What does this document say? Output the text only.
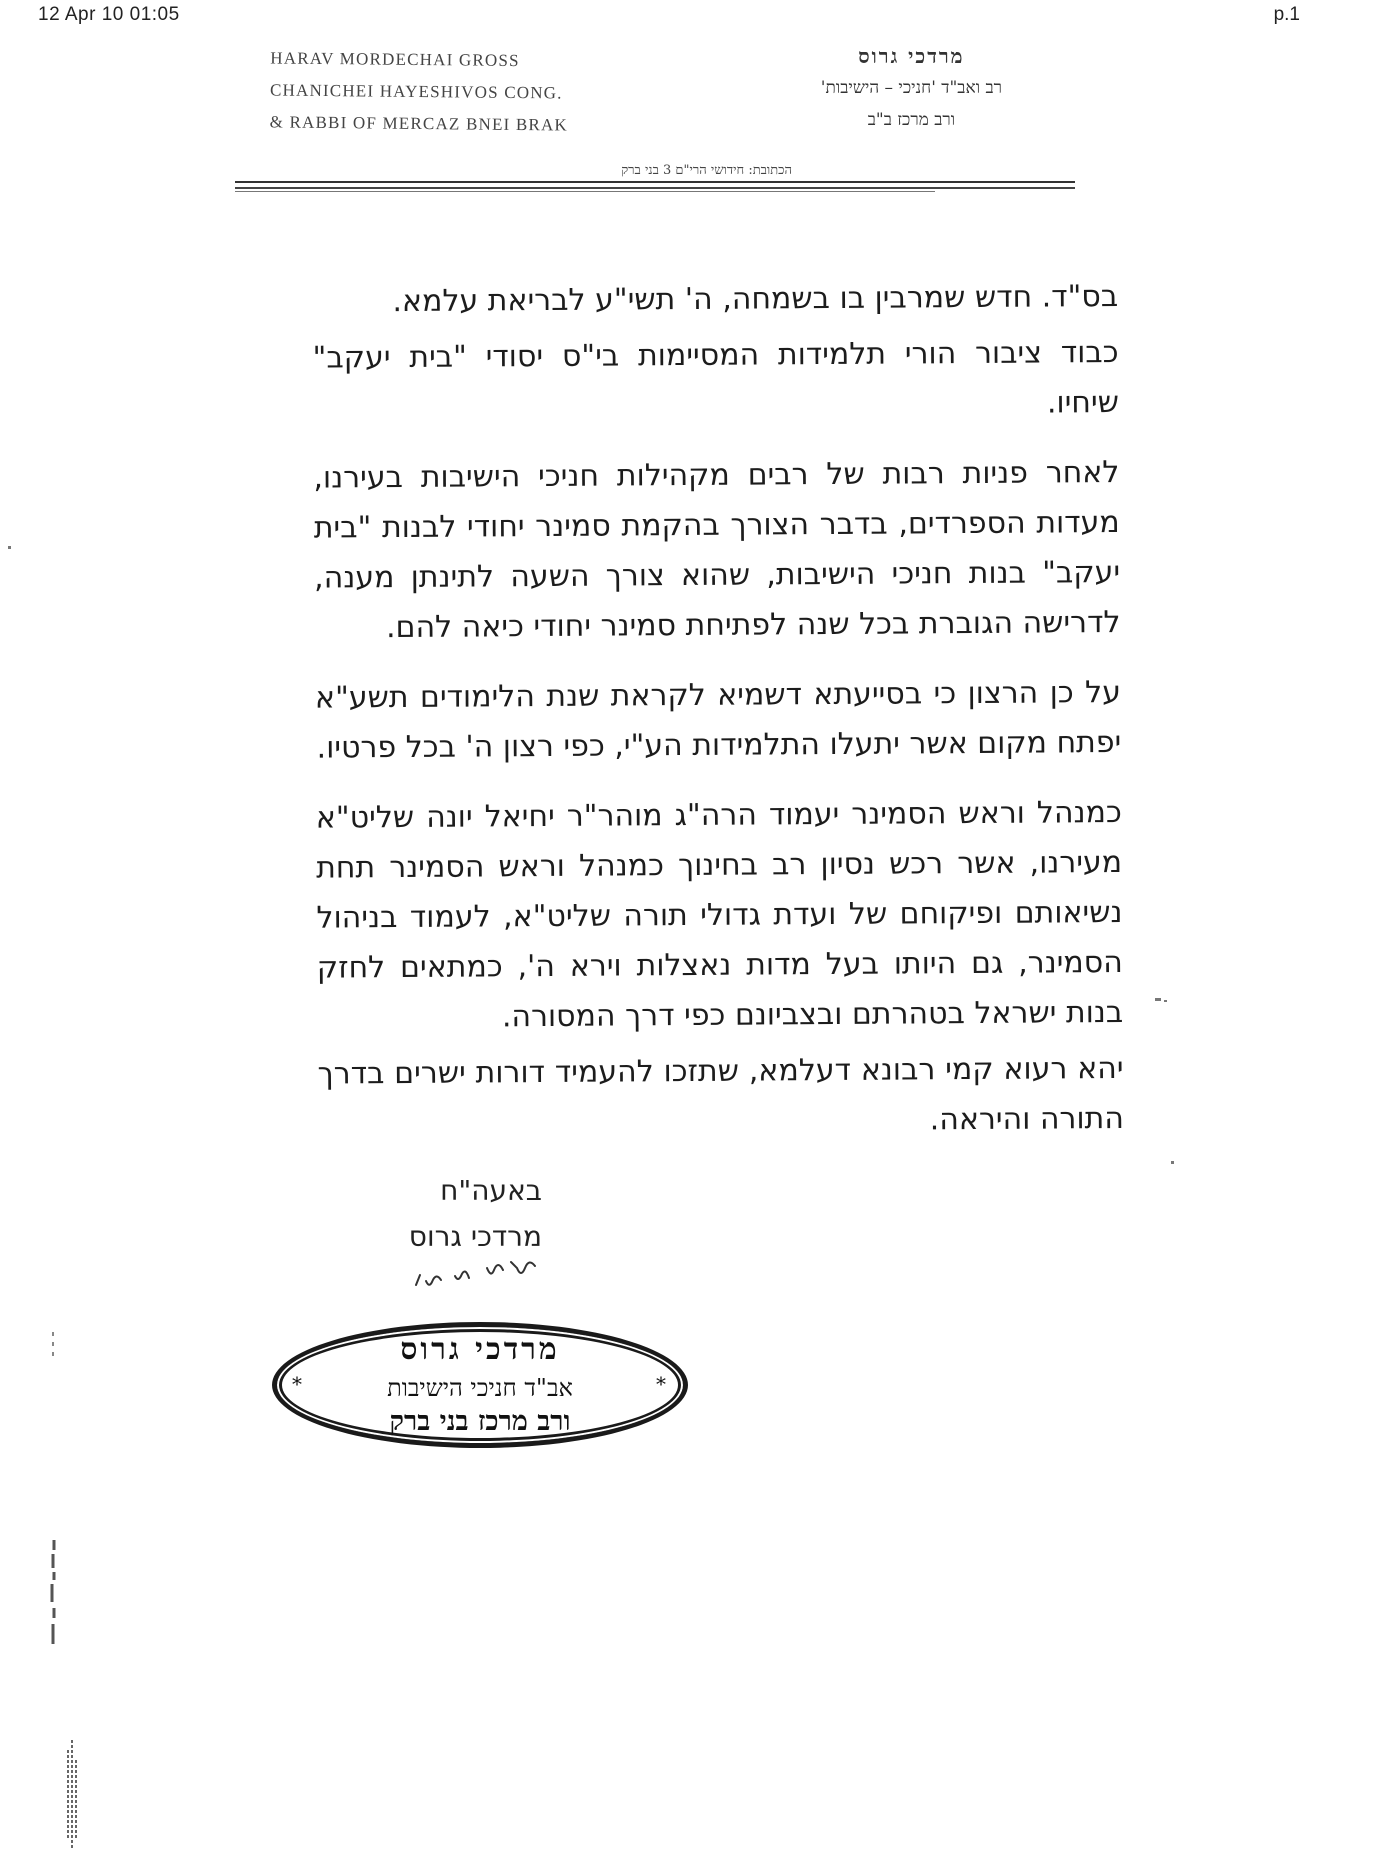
12 Apr 10 01:05	p.1
HARAV MORDECHAI GROSS
CHANICHEI HAYESHIVOS CONG.
& RABBI OF MERCAZ BNEI BRAK
מרדכי גרוס
רב ואב"ד 'חניכי – הישיבות'
ורב מרכז ב"ב
הכתובת: חידושי הרי"ם 3 בני ברק

בס"ד. חדש שמרבין בו בשמחה, ה' תשי"ע לבריאת עלמא.

כבוד ציבור הורי תלמידות המסיימות בי"ס יסודי "בית יעקב" שיחיו.

לאחר פניות רבות של רבים מקהילות חניכי הישיבות בעירנו, מעדות הספרדים, בדבר הצורך בהקמת סמינר יחודי לבנות "בית יעקב" בנות חניכי הישיבות, שהוא צורך השעה לתינתן מענה, לדרישה הגוברת בכל שנה לפתיחת סמינר יחודי כיאה להם.

על כן הרצון כי בסייעתא דשמיא לקראת שנת הלימודים תשע"א יפתח מקום אשר יתעלו התלמידות הע"י, כפי רצון ה' בכל פרטיו.

כמנהל וראש הסמינר יעמוד הרה"ג מוהר"ר יחיאל יונה שליט"א מעירנו, אשר רכש נסיון רב בחינוך כמנהל וראש הסמינר תחת נשיאותם ופיקוחם של ועדת גדולי תורה שליט"א, לעמוד בניהול הסמינר, גם היותו בעל מדות נאצלות וירא ה', כמתאים לחזק בנות ישראל בטהרתם ובצביונם כפי דרך המסורה.

יהא רעוא קמי רבונא דעלמא, שתזכו להעמיד דורות ישרים בדרך התורה והיראה.

באעה"ח
מרדכי גרוס
מרדכי גרוס
אב"ד חניכי הישיבות
ורב מרכז בני ברק
*	*
